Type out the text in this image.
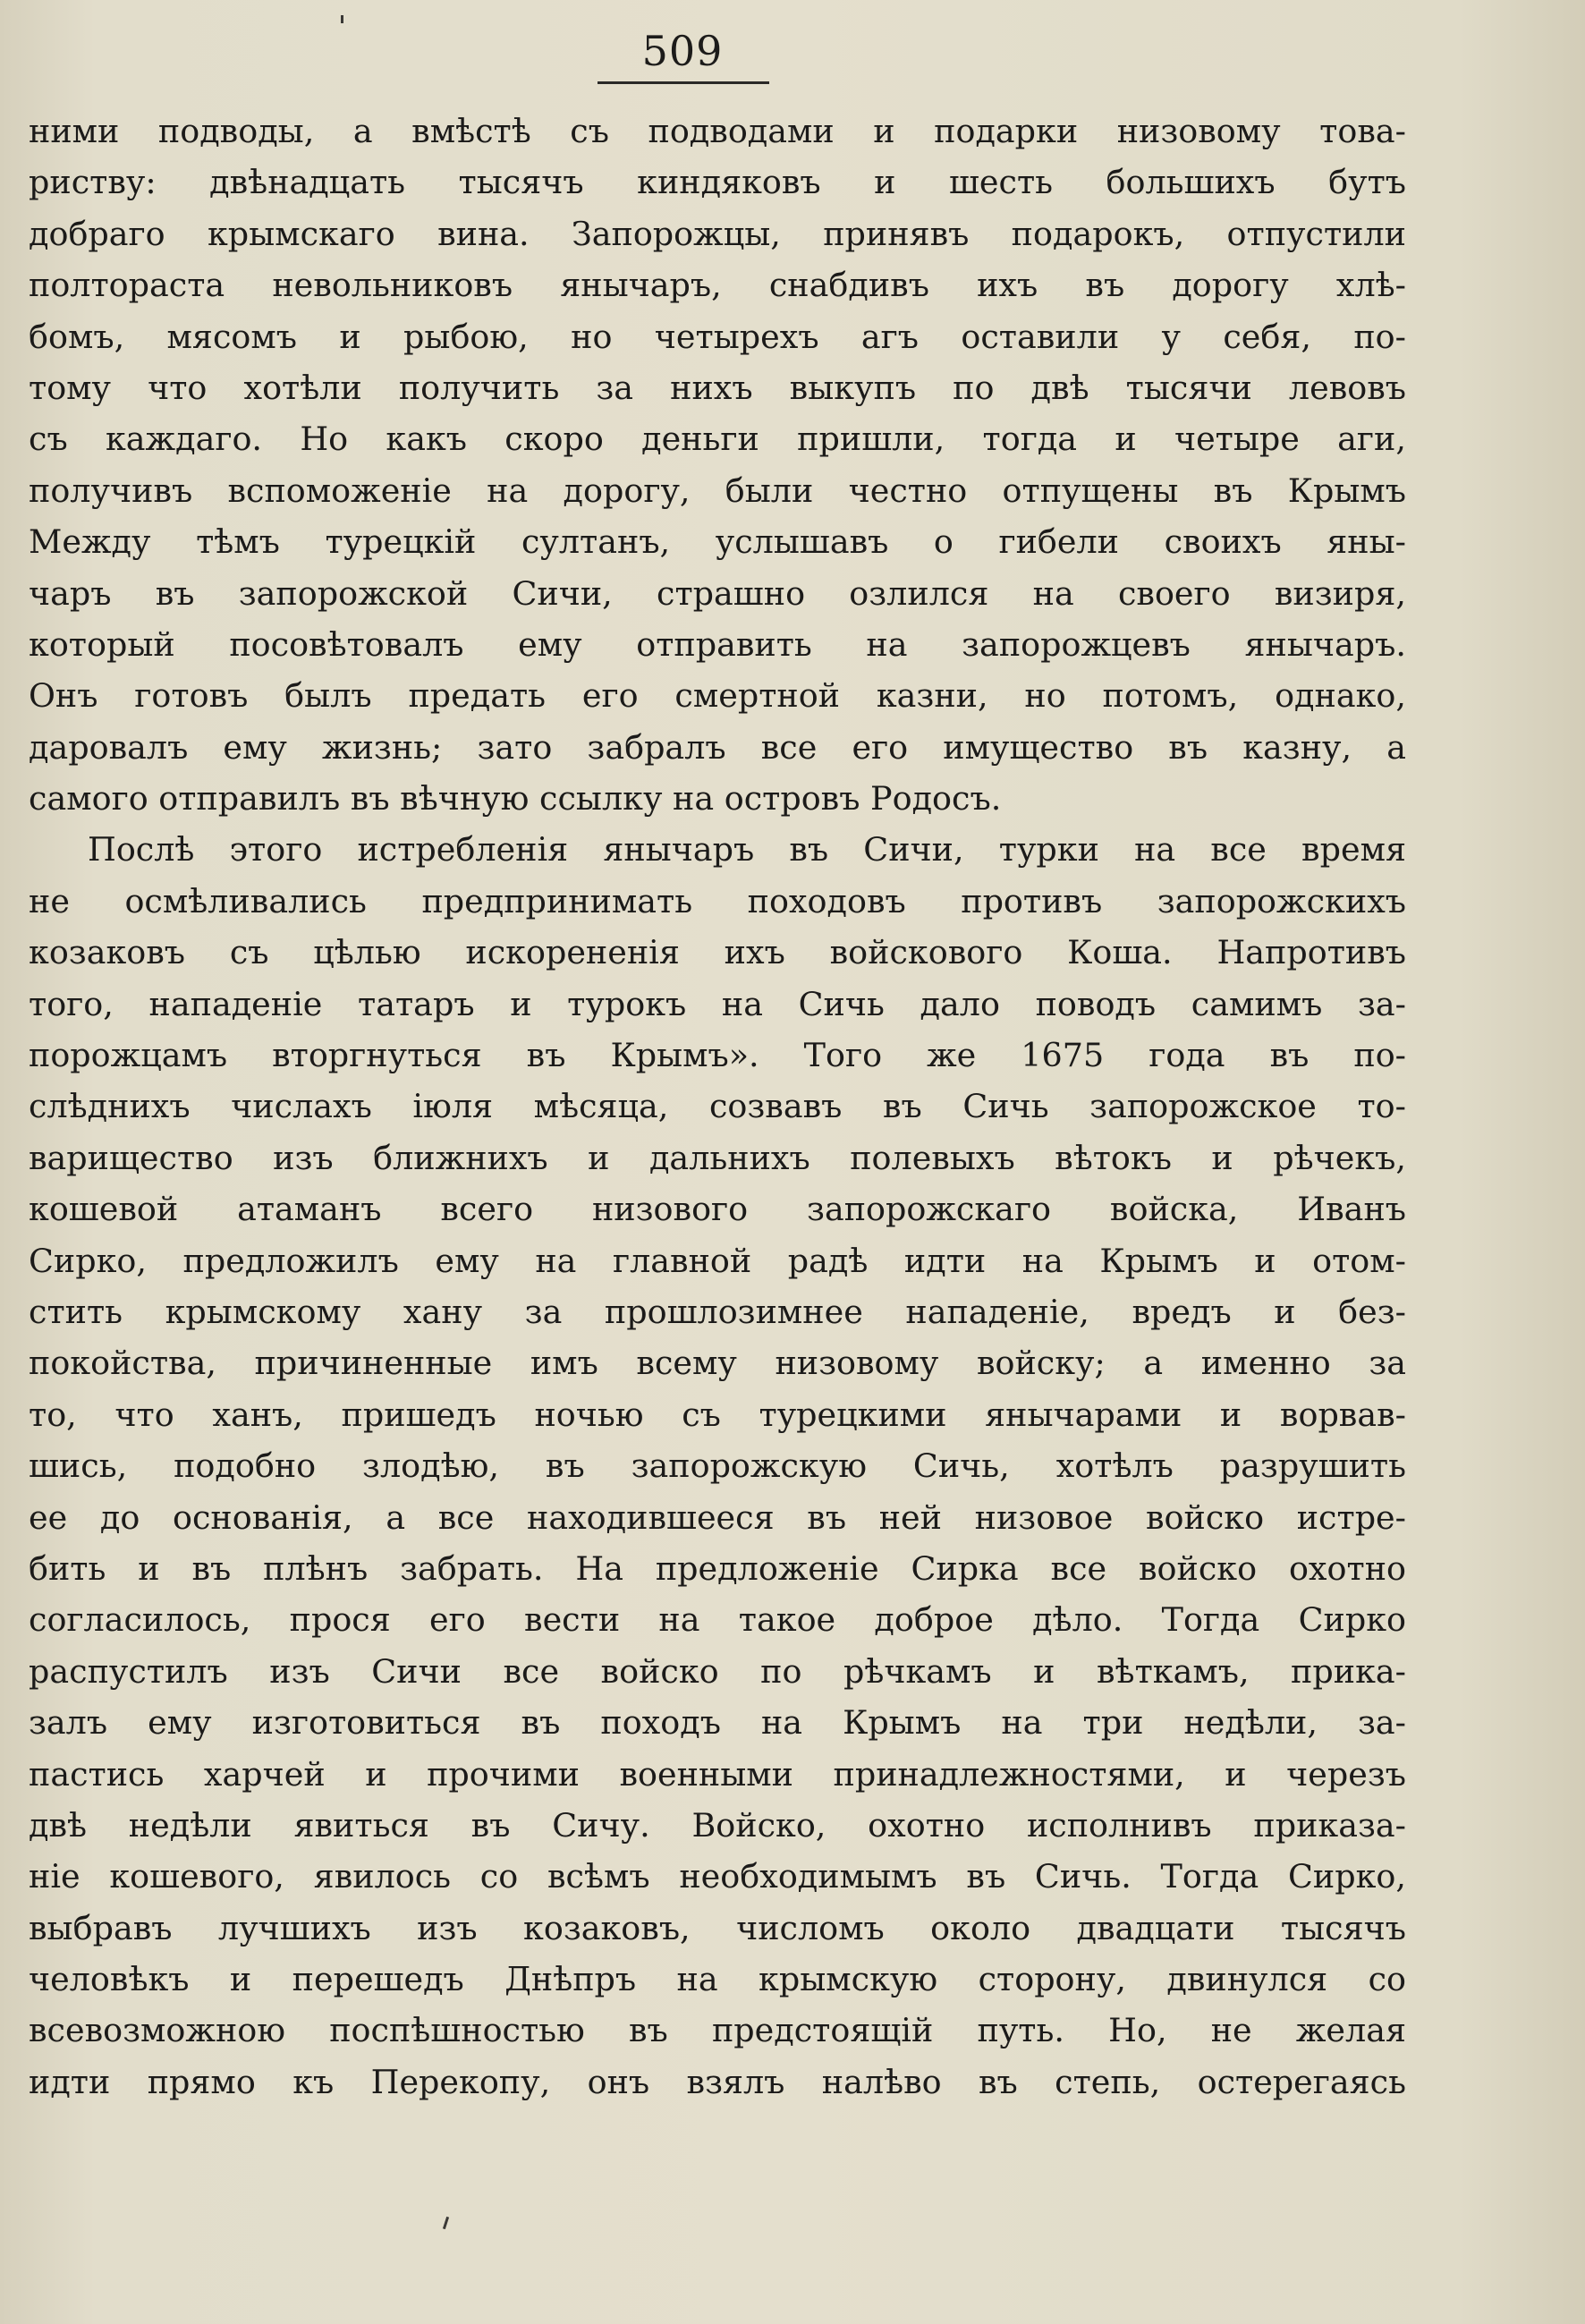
509
ними подводы, а вмѣстѣ съ подводами и подарки низовому това-
риству: двѣнадцать тысячъ киндяковъ и шесть большихъ бутъ
добраго крымскаго вина. Запорожцы, принявъ подарокъ, отпустили
полтораста невольниковъ янычаръ, снабдивъ ихъ въ дорогу хлѣ-
бомъ, мясомъ и рыбою, но четырехъ агъ оставили у себя, по-
тому что хотѣли получить за нихъ выкупъ по двѣ тысячи левовъ
съ каждаго. Но какъ скоро деньги пришли, тогда и четыре аги,
получивъ вспоможеніе на дорогу, были честно отпущены въ Крымъ
Между тѣмъ турецкій султанъ, услышавъ о гибели своихъ яны-
чаръ въ запорожской Сичи, страшно озлился на своего визиря,
который посовѣтовалъ ему отправить на запорожцевъ янычаръ.
Онъ готовъ былъ предать его смертной казни, но потомъ, однако,
даровалъ ему жизнь; зато забралъ все его имущество въ казну, а
самого отправилъ въ вѣчную ссылку на островъ Родосъ.
Послѣ этого истребленія янычаръ въ Сичи, турки на все время
не осмѣливались предпринимать походовъ противъ запорожскихъ
козаковъ съ цѣлью искорененія ихъ войскового Коша. Напротивъ
того, нападеніе татаръ и турокъ на Сичь дало поводъ самимъ за-
порожцамъ вторгнуться въ Крымъ». Того же 1675 года въ по-
слѣднихъ числахъ іюля мѣсяца, созвавъ въ Сичь запорожское то-
варищество изъ ближнихъ и дальнихъ полевыхъ вѣтокъ и рѣчекъ,
кошевой атаманъ всего низового запорожскаго войска, Иванъ
Сирко, предложилъ ему на главной радѣ идти на Крымъ и отом-
стить крымскому хану за прошлозимнее нападеніе, вредъ и без-
покойства, причиненные имъ всему низовому войску; а именно за
то, что ханъ, пришедъ ночью съ турецкими янычарами и ворвав-
шись, подобно злодѣю, въ запорожскую Сичь, хотѣлъ разрушить
ее до основанія, а все находившееся въ ней низовое войско истре-
бить и въ плѣнъ забрать. На предложеніе Сирка все войско охотно
согласилось, прося его вести на такое доброе дѣло. Тогда Сирко
распустилъ изъ Сичи все войско по рѣчкамъ и вѣткамъ, прика-
залъ ему изготовиться въ походъ на Крымъ на три недѣли, за-
пастись харчей и прочими военными принадлежностями, и черезъ
двѣ недѣли явиться въ Сичу. Войско, охотно исполнивъ приказа-
ніе кошевого, явилось со всѣмъ необходимымъ въ Сичь. Тогда Сирко,
выбравъ лучшихъ изъ козаковъ, числомъ около двадцати тысячъ
человѣкъ и перешедъ Днѣпръ на крымскую сторону, двинулся со
всевозможною поспѣшностью въ предстоящій путь. Но, не желая
идти прямо къ Перекопу, онъ взялъ налѣво въ степь, остерегаясь
